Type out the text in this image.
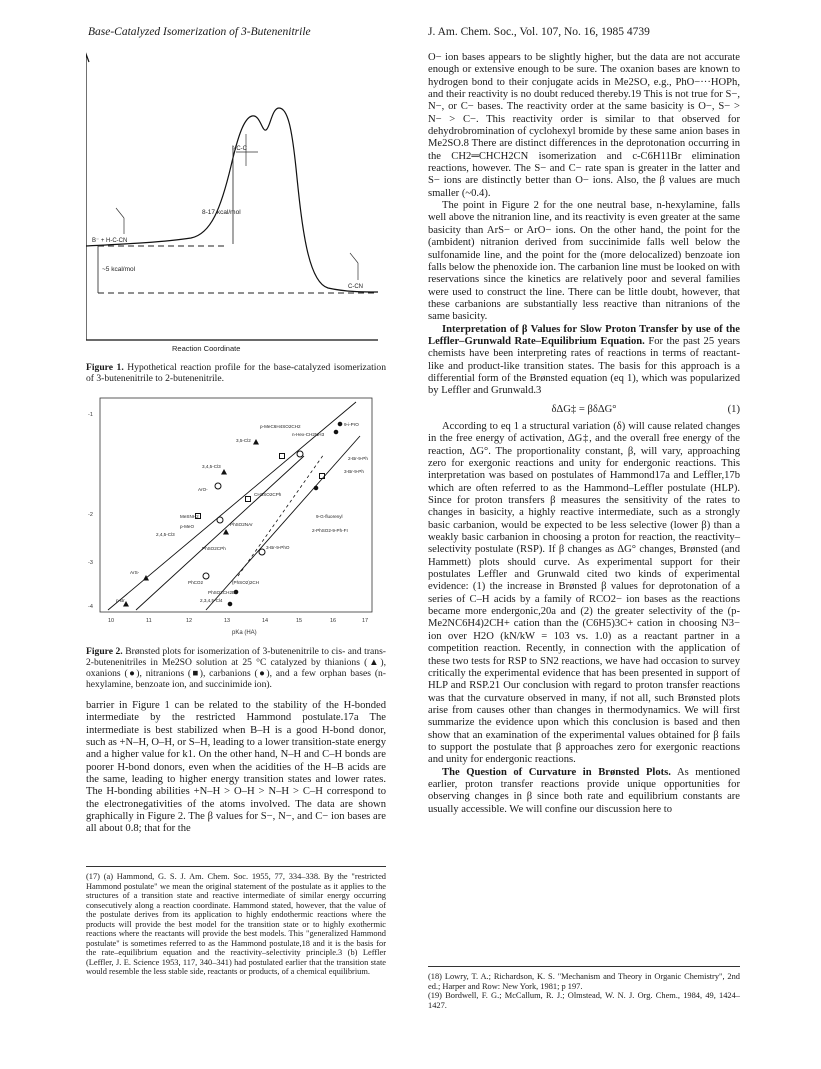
Base-Catalyzed Isomerization of 3-Butenenitrile	J. Am. Chem. Soc., Vol. 107, No. 16, 1985 4739
B⁻ + H-C-CN
NC-C
C-CN
8-17 kcal/mol
~5 kcal/mol
Reaction Coordinate
Figure 1. Hypothetical reaction profile for the base-catalyzed isomerization of 3-butenenitrile to 2-butenenitrile.
10	11	12	13	14	15	16	17
-1
-2
-3
-4
3,5-Cl2
p-MeC6H4SO2CH2	9-i-PrO
3,4,5-Cl3
ArO-
2-Br-9-Ph
3-Br-9-Ph
CH3SO2CPh
MeSNH2
p-MeO
2,4,5-Cl3
PhSO2NAr
9-G-fluorenyl
2-PhSO2-9-Ph-FI
PhSO2CPh	3-Br-9-PhO
ArS-
PhCO2	(PhSO2)2CH
p-Br	2,3,4,5-Cl4
PhSO2CH2Br
n-Hex-CH2NH3
pKa (HA)
Figure 2. Brønsted plots for isomerization of 3-butenenitrile to cis- and trans-2-butenenitriles in Me2SO solution at 25 °C catalyzed by thianions (▲), oxanions (●), nitranions (■), carbanions (●), and a few orphan bases (n-hexylamine, benzoate ion, and succinimide ion).

barrier in Figure 1 can be related to the stability of the H-bonded intermediate by the restricted Hammond postulate.17a The intermediate is best stabilized when B–H is a good H-bond donor, such as +N–H, O–H, or S–H, leading to a lower transition-state energy and a higher value for k1. On the other hand, N–H and C–H bonds are poorer H-bond donors, even when the acidities of the H–B acids are the same, leading to higher energy transition states and lower rates. The H-bonding abilities +N–H > O–H > N–H > C–H correspond to the electronegativities of the atoms involved. The data are shown graphically in Figure 2. The β values for S−, N−, and C− ion bases are all about 0.8; that for the

(17) (a) Hammond, G. S. J. Am. Chem. Soc. 1955, 77, 334–338. By the "restricted Hammond postulate" we mean the original statement of the postulate as it applies to the structures of a transition state and reactive intermediate of similar energy occurring consecutively along a reaction coordinate. Hammond stated, however, that the value of the postulate derives from its application to highly endothermic reactions where the products will provide the best model for the transition state or to highly exothermic reactions where the reactants will provide the best models. This "generalized Hammond postulate" is sometimes referred to as the Hammond postulate,18 and it is the basis for the rate–equilibrium equation and the reactivity–selectivity principle.3 (b) Leffler (Leffler, J. E. Science 1953, 117, 340–341) had postulated earlier that the transition state would resemble the less stable side, reactants or products, of a chemical equilibrium.

O− ion bases appears to be slightly higher, but the data are not accurate enough or extensive enough to be sure. The oxanion bases are known to hydrogen bond to their conjugate acids in Me2SO, e.g., PhO−···HOPh, and their reactivity is no doubt reduced thereby.19 This is not true for S−, N−, or C− bases. The reactivity order at the same basicity is O−, S− > N− > C−. This reactivity order is similar to that observed for dehydrobromination of cyclohexyl bromide by these same anion bases in Me2SO.8 There are distinct differences in the deprotonation occurring in the CH2═CHCH2CN isomerization and c-C6H11Br elimination reactions, however. The S− and C− rate span is greater in the latter and S− ions are distinctly better than O− ions. Also, the β values are much smaller (~0.4).

The point in Figure 2 for the one neutral base, n-hexylamine, falls well above the nitranion line, and its reactivity is even greater at the same basicity than ArS− or ArO− ions. On the other hand, the point for the (ambident) nitranion derived from succinimide falls well below the sulfonamide line, and the point for the (more delocalized) benzoate ion falls below the phenoxide ion. The carbanion line must be looked on with reservations since the kinetics are relatively poor and several families were used to construct the line. There can be little doubt, however, that these carbanions are substantially less reactive than nitranions of the same basicity.

Interpretation of β Values for Slow Proton Transfer by use of the Leffler–Grunwald Rate–Equilibrium Equation. For the past 25 years chemists have been interpreting rates of reactions in terms of reactant-like and product-like transition states. The basis for this approach is a differential form of the Brønsted equation (eq 1), which was popularized by Leffler and Grunwald.3

δΔG‡ = βδΔG°	(1)

According to eq 1 a structural variation (δ) will cause related changes in the free energy of activation, ΔG‡, and the overall free energy of the reaction, ΔG°. The proportionality constant, β, will vary, approaching zero for exergonic reactions and unity for endergonic reactions. This interpretation was based on postulates of Hammond17a and Leffler,17b which are often referred to as the Hammond–Leffler postulate (HLP). Since for proton transfers β measures the sensitivity of the rates to changes in basicity, a highly reactive intermediate, such as a strongly basic carbanion, would be expected to be less selective (lower β) than a weakly basic carbanion in choosing a proton for reaction, the reactivity–selectivity postulate (RSP). If β changes as ΔG° changes, Brønsted (and Hammett) plots should curve. As experimental support for their postulates Leffler and Grunwald cited two kinds of experimental evidence: (1) the increase in Brønsted β values for deprotonation of a series of C–H acids by a family of RCO2− ion bases as the reactions became more endergonic,20a and (2) the greater selectivity of the (p-Me2NC6H4)2CH+ cation than the (C6H5)3C+ cation in choosing N3− ion over H2O (kN/kW = 103 vs. 1.0) as a reactant partner in a competition reaction. Recently, in connection with the application of these two tests for RSP to SN2 reactions, we have had occasion to survey critically the experimental evidence that has been presented in support of HLP and RSP.21 Our conclusion with regard to proton transfer reactions was that the curvature observed in many, if not all, such Brønsted plots arise from causes other than changes in thermodynamics. We will first summarize the evidence upon which this conclusion is based and then show that an examination of the experimental values obtained for β fails to support the postulate that β approaches zero for exergonic reactions and unity for endergonic reactions.

The Question of Curvature in Brønsted Plots. As mentioned earlier, proton transfer reactions provide unique opportunities for observing changes in β since both rate and equilibrium constants are usually accessible. We will confine our discussion here to

(18) Lowry, T. A.; Richardson, K. S. "Mechanism and Theory in Organic Chemistry", 2nd ed.; Harper and Row: New York, 1981; p 197.

(19) Bordwell, F. G.; McCallum, R. J.; Olmstead, W. N. J. Org. Chem., 1984, 49, 1424–1427.
